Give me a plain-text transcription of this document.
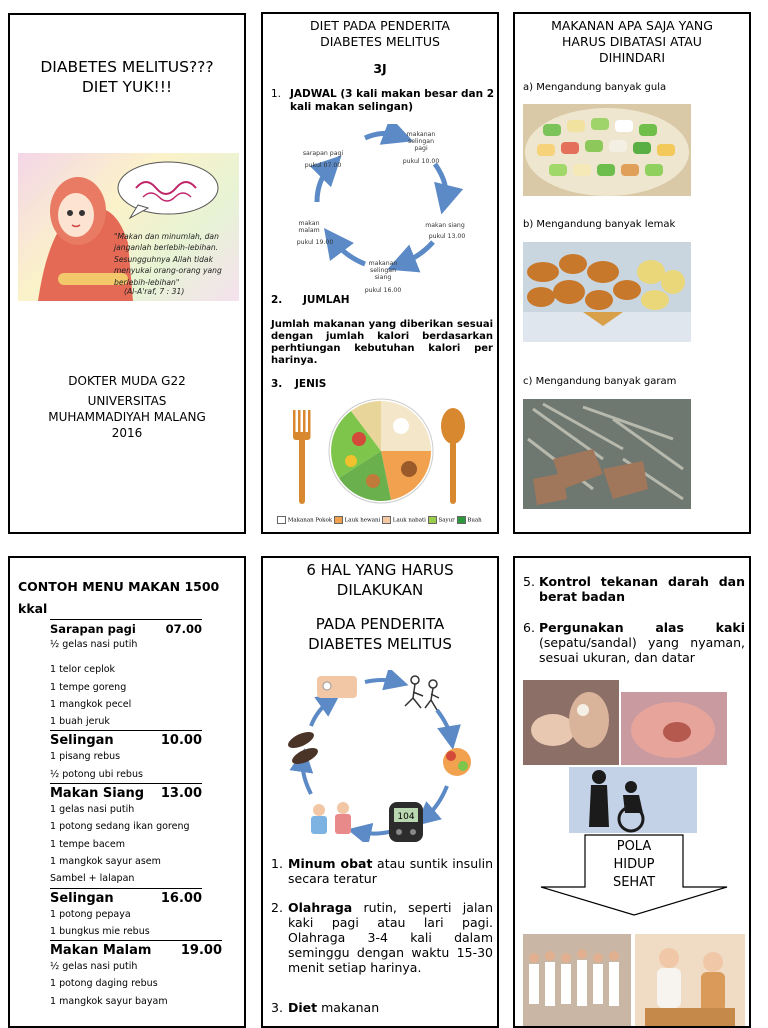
DIABETES MELITUS???
DIET YUK!!!
"Makan dan minumlah, dan janganlah berlebih-lebihan. Sesungguhnya Allah tidak menyukai orang-orang yang berlebih-lebihan"
(Al-A'raf, 7 : 31)
DOKTER MUDA G22
UNIVERSITAS
MUHAMMADIYAH MALANG
2016
DIET PADA PENDERITA
DIABETES MELITUS
3J
1. JADWAL (3 kali makan besar dan 2 kali makan selingan)
makanan
selingan
pagi
pukul 10.00
makan siang
pukul 13.00
makanan
selingan
siang
pukul 16.00
makan
malam
pukul 19.00
sarapan pagi
pukul 07.00
2. JUMLAH
Jumlah makanan yang diberikan sesuai dengan jumlah kalori berdasarkan perhtiungan kebutuhan kalori per harinya.
3. JENIS
Makanan Pokok Lauk hewani Lauk nabati Sayur Buah
MAKANAN APA SAJA YANG
HARUS DIBATASI ATAU
DIHINDARI
a) Mengandung banyak gula
b) Mengandung banyak lemak
c) Mengandung banyak garam
CONTOH MENU MAKAN 1500
kkal
Sarapan pagi	07.00
½ gelas nasi putih
1 telor ceplok
1 tempe goreng
1 mangkok pecel
1 buah jeruk
Selingan	10.00
1 pisang rebus
½ potong ubi rebus
Makan Siang 13.00
1 gelas nasi putih
1 potong sedang ikan goreng
1 tempe bacem
1 mangkok sayur asem
Sambel + lalapan
Selingan	16.00
1 potong pepaya
1 bungkus mie rebus
Makan Malam 19.00
½ gelas nasi putih
1 potong daging rebus
1 mangkok sayur bayam
6 HAL YANG HARUS
DILAKUKAN
PADA PENDERITA
DIABETES MELITUS
104
1. Minum obat atau suntik insulin secara teratur
2. Olahraga rutin, seperti jalan kaki pagi atau lari pagi. Olahraga 3-4 kali dalam seminggu dengan waktu 15-30 menit setiap harinya.
3. Diet makanan
5. Kontrol tekanan darah dan berat badan
6. Pergunakan alas kaki (sepatu/sandal) yang nyaman, sesuai ukuran, dan datar
POLA
HIDUP
SEHAT
